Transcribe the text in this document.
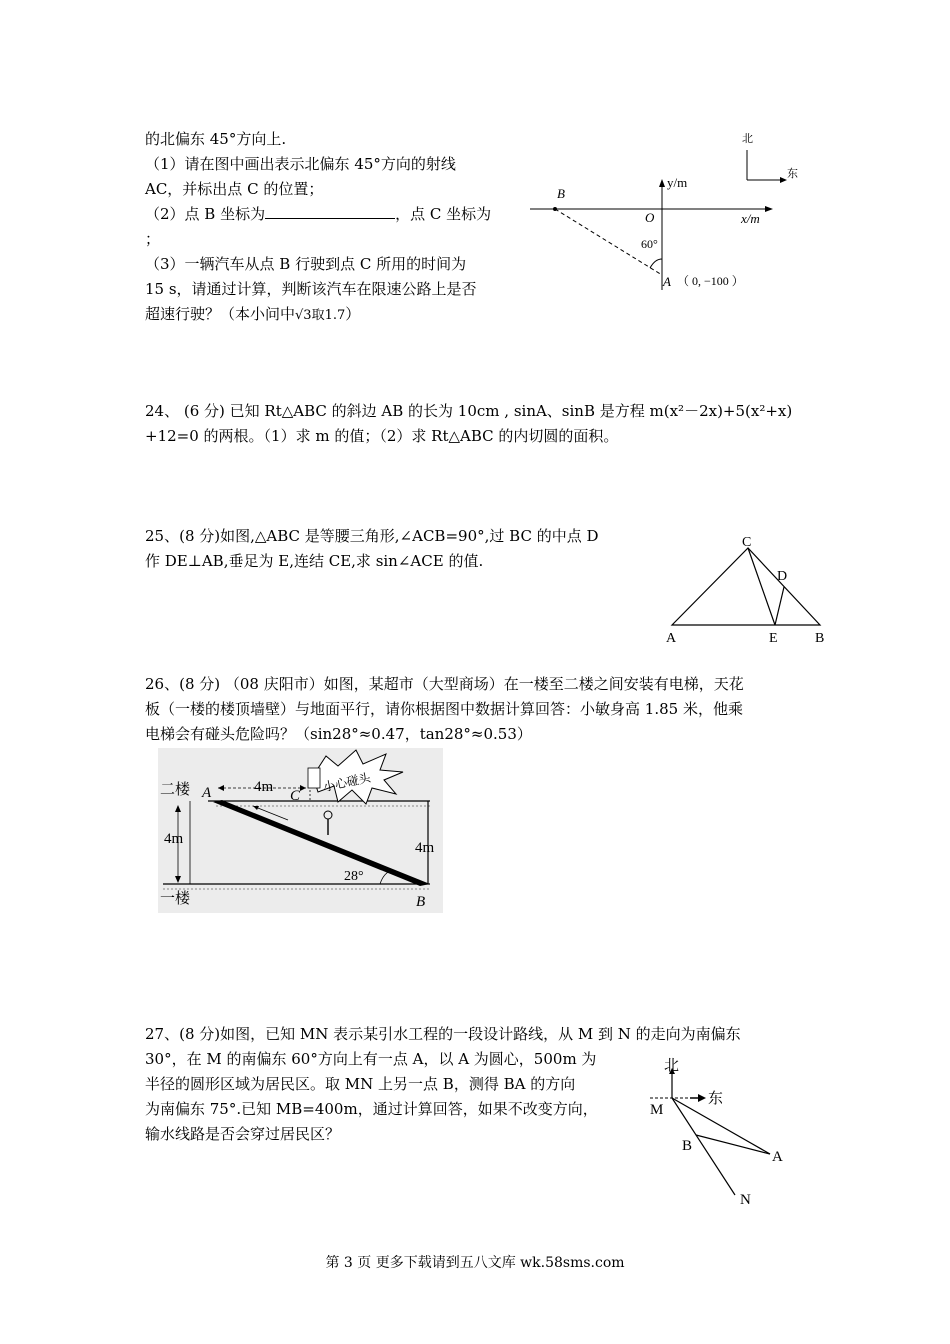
的北偏东 45°方向上.
（1）请在图中画出表示北偏东 45°方向的射线
AC，并标出点 C 的位置；
（2）点 B 坐标为	，点 C 坐标为
；
（3）一辆汽车从点 B 行驶到点 C 所用的时间为
15 s，请通过计算，判断该汽车在限速公路上是否
超速行驶？（本小问中√3取1.7）
北
东
B
y/m
O	x/m
60°
A （ 0, −100 ）
24、 (6 分) 已知 Rt△ABC 的斜边 AB 的长为 10cm , sinA、sinB 是方程 m(x²－2x)+5(x²+x)
+12=0 的两根。（1）求 m 的值；（2）求 Rt△ABC 的内切圆的面积。
25、(8 分)如图,△ABC 是等腰三角形,∠ACB=90°,过 BC 的中点 D
作 DE⊥AB,垂足为 E,连结 CE,求 sin∠ACE 的值.
C
D
A	E	B
26、(8 分) （08 庆阳市）如图，某超市（大型商场）在一楼至二楼之间安装有电梯，天花
板（一楼的楼顶墙壁）与地面平行，请你根据图中数据计算回答：小敏身高 1.85 米，他乘
电梯会有碰头危险吗？（sin28°≈0.47，tan28°≈0.53）
小心碰头
二楼 A	4m
C
4m
4m
28°
一楼	B
27、(8 分)如图，已知 MN 表示某引水工程的一段设计路线，从 M 到 N 的走向为南偏东
30°，在 M 的南偏东 60°方向上有一点 A，以 A 为圆心，500m 为
半径的圆形区域为居民区。取 MN 上另一点 B，测得 BA 的方向
为南偏东 75°.已知 MB=400m，通过计算回答，如果不改变方向，
输水线路是否会穿过居民区？
北
东
M
B
A
N
第 3 页 更多下载请到五八文库 wk.58sms.com
